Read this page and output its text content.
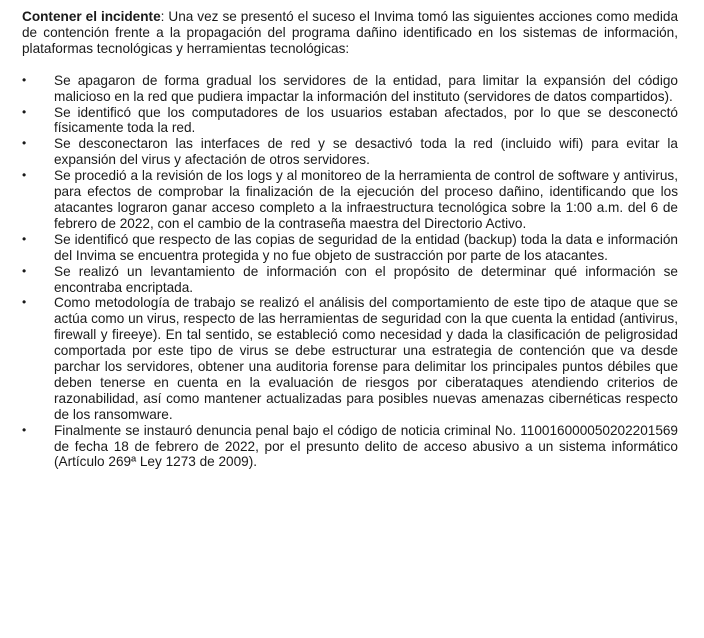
Contener el incidente: Una vez se presentó el suceso el Invima tomó las siguientes acciones como medida de contención frente a la propagación del programa dañino identificado en los sistemas de información, plataformas tecnológicas y herramientas tecnológicas:

•	Se apagaron de forma gradual los servidores de la entidad, para limitar la expansión del código malicioso en la red que pudiera impactar la información del instituto (servidores de datos compartidos).
•	Se identificó que los computadores de los usuarios estaban afectados, por lo que se desconectó físicamente toda la red.
•	Se desconectaron las interfaces de red y se desactivó toda la red (incluido wifi) para evitar la expansión del virus y afectación de otros servidores.
•	Se procedió a la revisión de los logs y al monitoreo de la herramienta de control de software y antivirus, para efectos de comprobar la finalización de la ejecución del proceso dañino, identificando que los atacantes lograron ganar acceso completo a la infraestructura tecnológica sobre la 1:00 a.m. del 6 de febrero de 2022, con el cambio de la contraseña maestra del Directorio Activo.
•	Se identificó que respecto de las copias de seguridad de la entidad (backup) toda la data e información del Invima se encuentra protegida y no fue objeto de sustracción por parte de los atacantes.
•	Se realizó un levantamiento de información con el propósito de determinar qué información se encontraba encriptada.
•	Como metodología de trabajo se realizó el análisis del comportamiento de este tipo de ataque que se actúa como un virus, respecto de las herramientas de seguridad con la que cuenta la entidad (antivirus, firewall y fireeye). En tal sentido, se estableció como necesidad y dada la clasificación de peligrosidad comportada por este tipo de virus se debe estructurar una estrategia de contención que va desde parchar los servidores, obtener una auditoria forense para delimitar los principales puntos débiles que deben tenerse en cuenta en la evaluación de riesgos por ciberataques atendiendo criterios de razonabilidad, así como mantener actualizadas para posibles nuevas amenazas cibernéticas respecto de los ransomware.
•	Finalmente se instauró denuncia penal bajo el código de noticia criminal No. 110016000050202201569 de fecha 18 de febrero de 2022, por el presunto delito de acceso abusivo a un sistema informático (Artículo 269ª Ley 1273 de 2009).
